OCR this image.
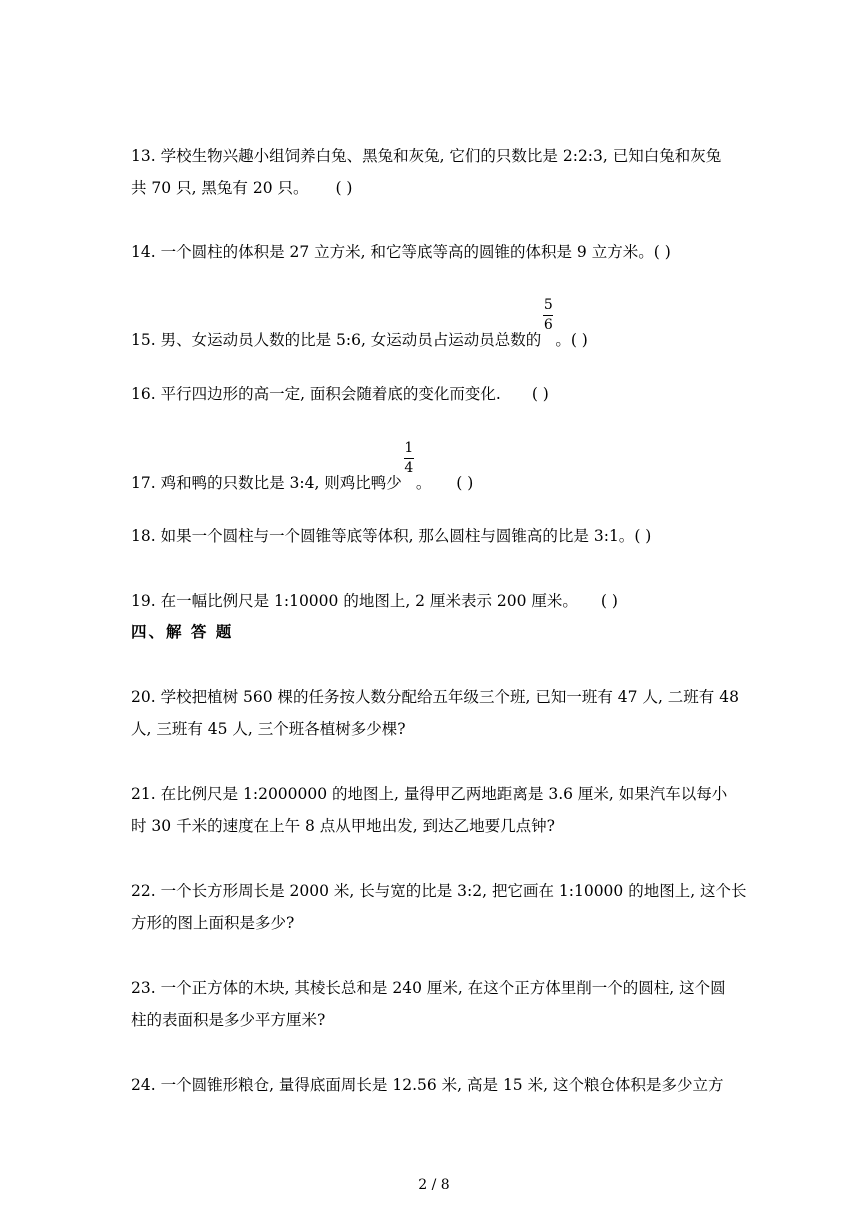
13. 学校生物兴趣小组饲养白兔、黑兔和灰兔, 它们的只数比是 2:2:3, 已知白兔和灰兔
共 70 只, 黑兔有 20 只。 ( )
14. 一个圆柱的体积是 27 立方米, 和它等底等高的圆锥的体积是 9 立方米。( )
15. 男、女运动员人数的比是 5:6, 女运动员占运动员总数的 $\frac{5}{6}$ 。( )
16. 平行四边形的高一定, 面积会随着底的变化而变化. ( )
17. 鸡和鸭的只数比是 3:4, 则鸡比鸭少 $\frac{1}{4}$ 。 ( )
18. 如果一个圆柱与一个圆锥等底等体积, 那么圆柱与圆锥高的比是 3:1。( )
19. 在一幅比例尺是 1:10000 的地图上, 2 厘米表示 200 厘米。 ( )
四、解 答 题
20. 学校把植树 560 棵的任务按人数分配给五年级三个班, 已知一班有 47 人, 二班有 48
人, 三班有 45 人, 三个班各植树多少棵?
21. 在比例尺是 1:2000000 的地图上, 量得甲乙两地距离是 3.6 厘米, 如果汽车以每小
时 30 千米的速度在上午 8 点从甲地出发, 到达乙地要几点钟?
22. 一个长方形周长是 2000 米, 长与宽的比是 3:2, 把它画在 1:10000 的地图上, 这个长
方形的图上面积是多少?
23. 一个正方体的木块, 其棱长总和是 240 厘米, 在这个正方体里削一个的圆柱, 这个圆
柱的表面积是多少平方厘米?
24. 一个圆锥形粮仓, 量得底面周长是 12.56 米, 高是 15 米, 这个粮仓体积是多少立方
2 / 8
